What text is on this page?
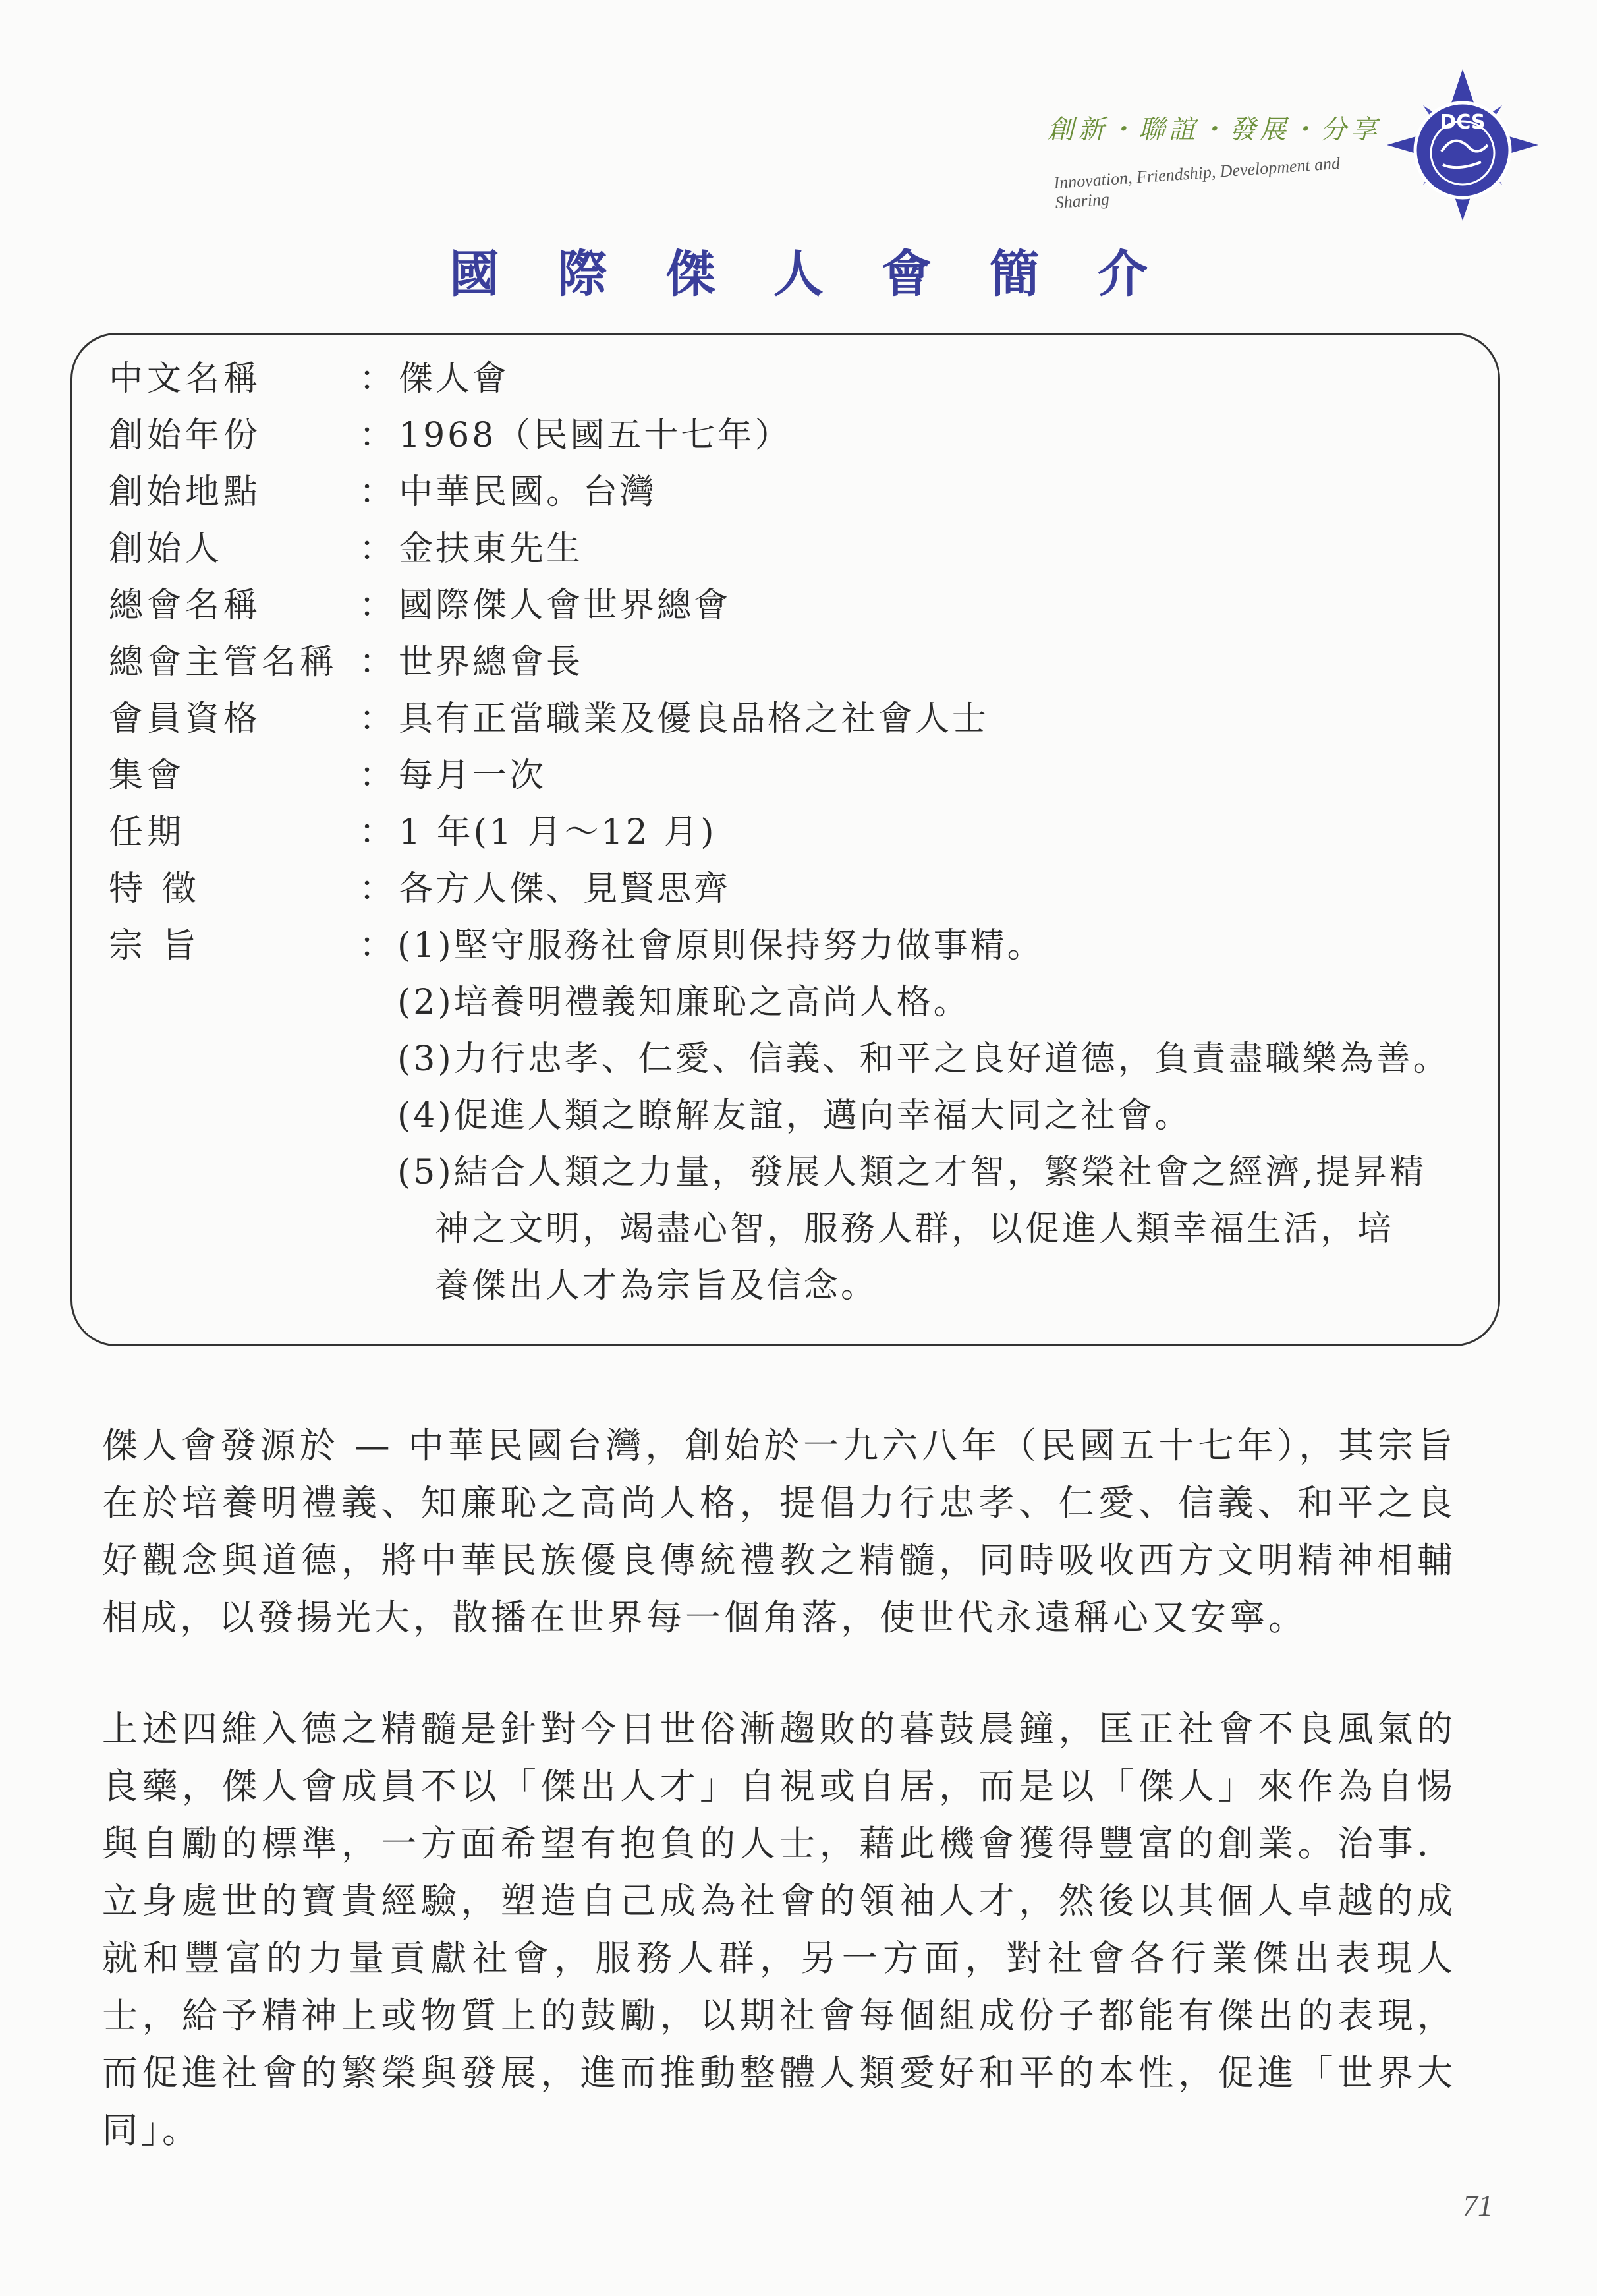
創新・聯誼・發展・分享
Innovation, Friendship, Development and Sharing
DCS
國際傑人會簡介
中文名稱	： 傑人會
創始年份	： 1968（民國五十七年）
創始地點	： 中華民國。台灣
創始人	： 金扶東先生
總會名稱	： 國際傑人會世界總會
總會主管名稱 ： 世界總會長
會員資格	： 具有正當職業及優良品格之社會人士
集會	： 每月一次
任期	： 1 年(1 月～12 月)
特 徵	： 各方人傑、見賢思齊
宗 旨	： (1)堅守服務社會原則保持努力做事精。
(2)培養明禮義知廉恥之高尚人格。
(3)力行忠孝、仁愛、信義、和平之良好道德，負責盡職樂為善。
(4)促進人類之瞭解友誼，邁向幸福大同之社會。
(5)結合人類之力量，發展人類之才智，繁榮社會之經濟,提昇精
神之文明，竭盡心智，服務人群，以促進人類幸福生活，培
養傑出人才為宗旨及信念。
傑人會發源於 — 中華民國台灣，創始於一九六八年（民國五十七年），其宗旨在於培養明禮義、知廉恥之高尚人格，提倡力行忠孝、仁愛、信義、和平之良好觀念與道德，將中華民族優良傳統禮教之精髓，同時吸收西方文明精神相輔相成，以發揚光大，散播在世界每一個角落，使世代永遠稱心又安寧。
上述四維入德之精髓是針對今日世俗漸趨敗的暮鼓晨鐘，匡正社會不良風氣的良藥，傑人會成員不以「傑出人才」自視或自居，而是以「傑人」來作為自惕與自勵的標準，一方面希望有抱負的人士，藉此機會獲得豐富的創業。治事．立身處世的寶貴經驗，塑造自己成為社會的領袖人才，然後以其個人卓越的成就和豐富的力量貢獻社會，服務人群，另一方面，對社會各行業傑出表現人士，給予精神上或物質上的鼓勵，以期社會每個組成份子都能有傑出的表現，而促進社會的繁榮與發展，進而推動整體人類愛好和平的本性，促進「世界大同」。
71
